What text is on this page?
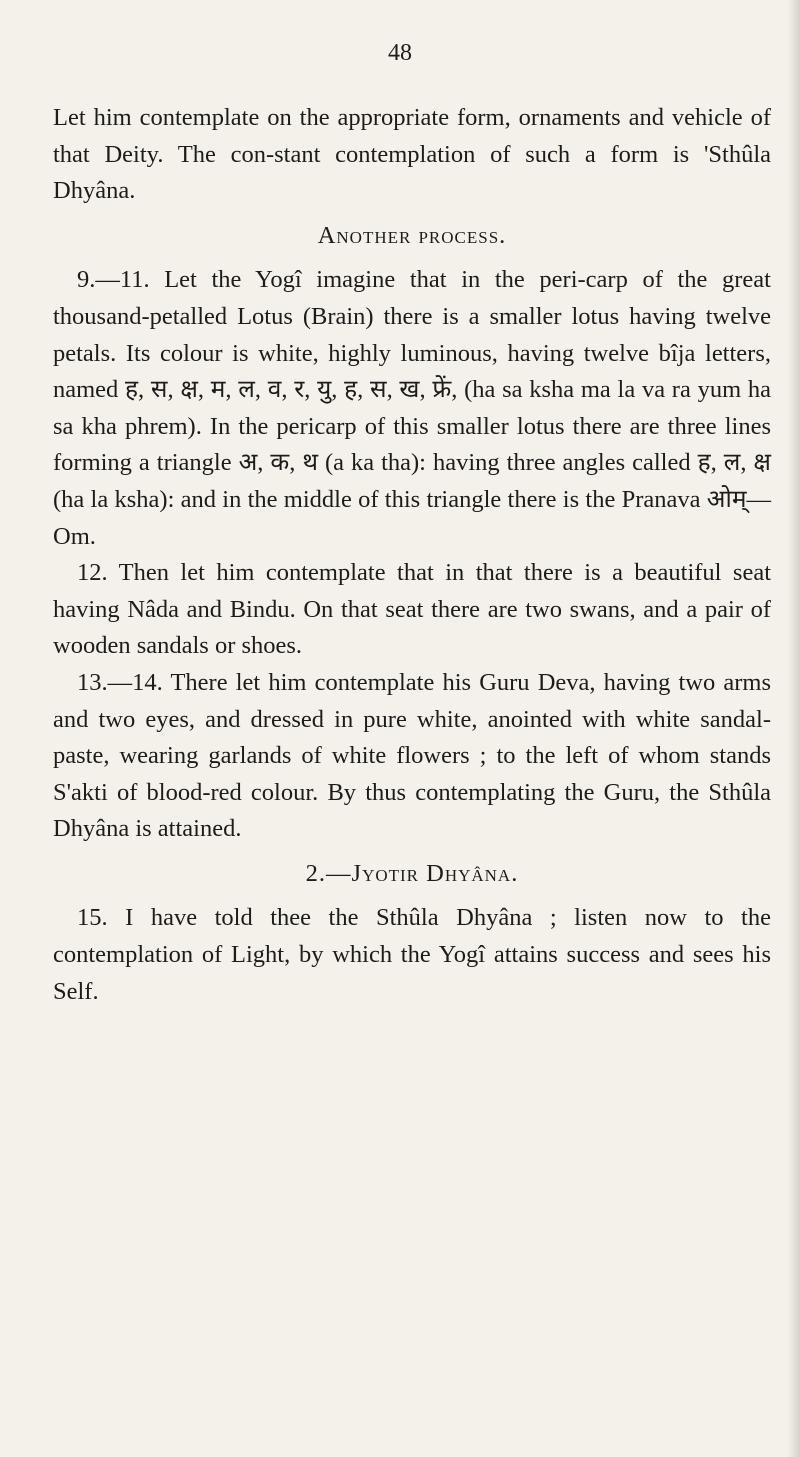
48

Let him contemplate on the appropriate form, ornaments and vehicle of that Deity. The con-stant contemplation of such a form is 'Sthûla Dhyâna.

Another process.

9.—11. Let the Yogî imagine that in the peri-carp of the great thousand-petalled Lotus (Brain) there is a smaller lotus having twelve petals. Its colour is white, highly luminous, having twelve bîja letters, named ह, स, क्ष, म, ल, व, र, यु, ह, स, ख, फ्रें, (ha sa ksha ma la va ra yum ha sa kha phrem). In the pericarp of this smaller lotus there are three lines forming a triangle अ, क, थ (a ka tha): having three angles called ह, ल, क्ष (ha la ksha): and in the middle of this triangle there is the Pranava ओम्—Om.

12. Then let him contemplate that in that there is a beautiful seat having Nâda and Bindu. On that seat there are two swans, and a pair of wooden sandals or shoes.

13.—14. There let him contemplate his Guru Deva, having two arms and two eyes, and dressed in pure white, anointed with white sandal-paste, wearing garlands of white flowers ; to the left of whom stands S'akti of blood-red colour. By thus contemplating the Guru, the Sthûla Dhyâna is attained.

2.—Jyotir Dhyâna.

15. I have told thee the Sthûla Dhyâna ; listen now to the contemplation of Light, by which the Yogî attains success and sees his Self.
